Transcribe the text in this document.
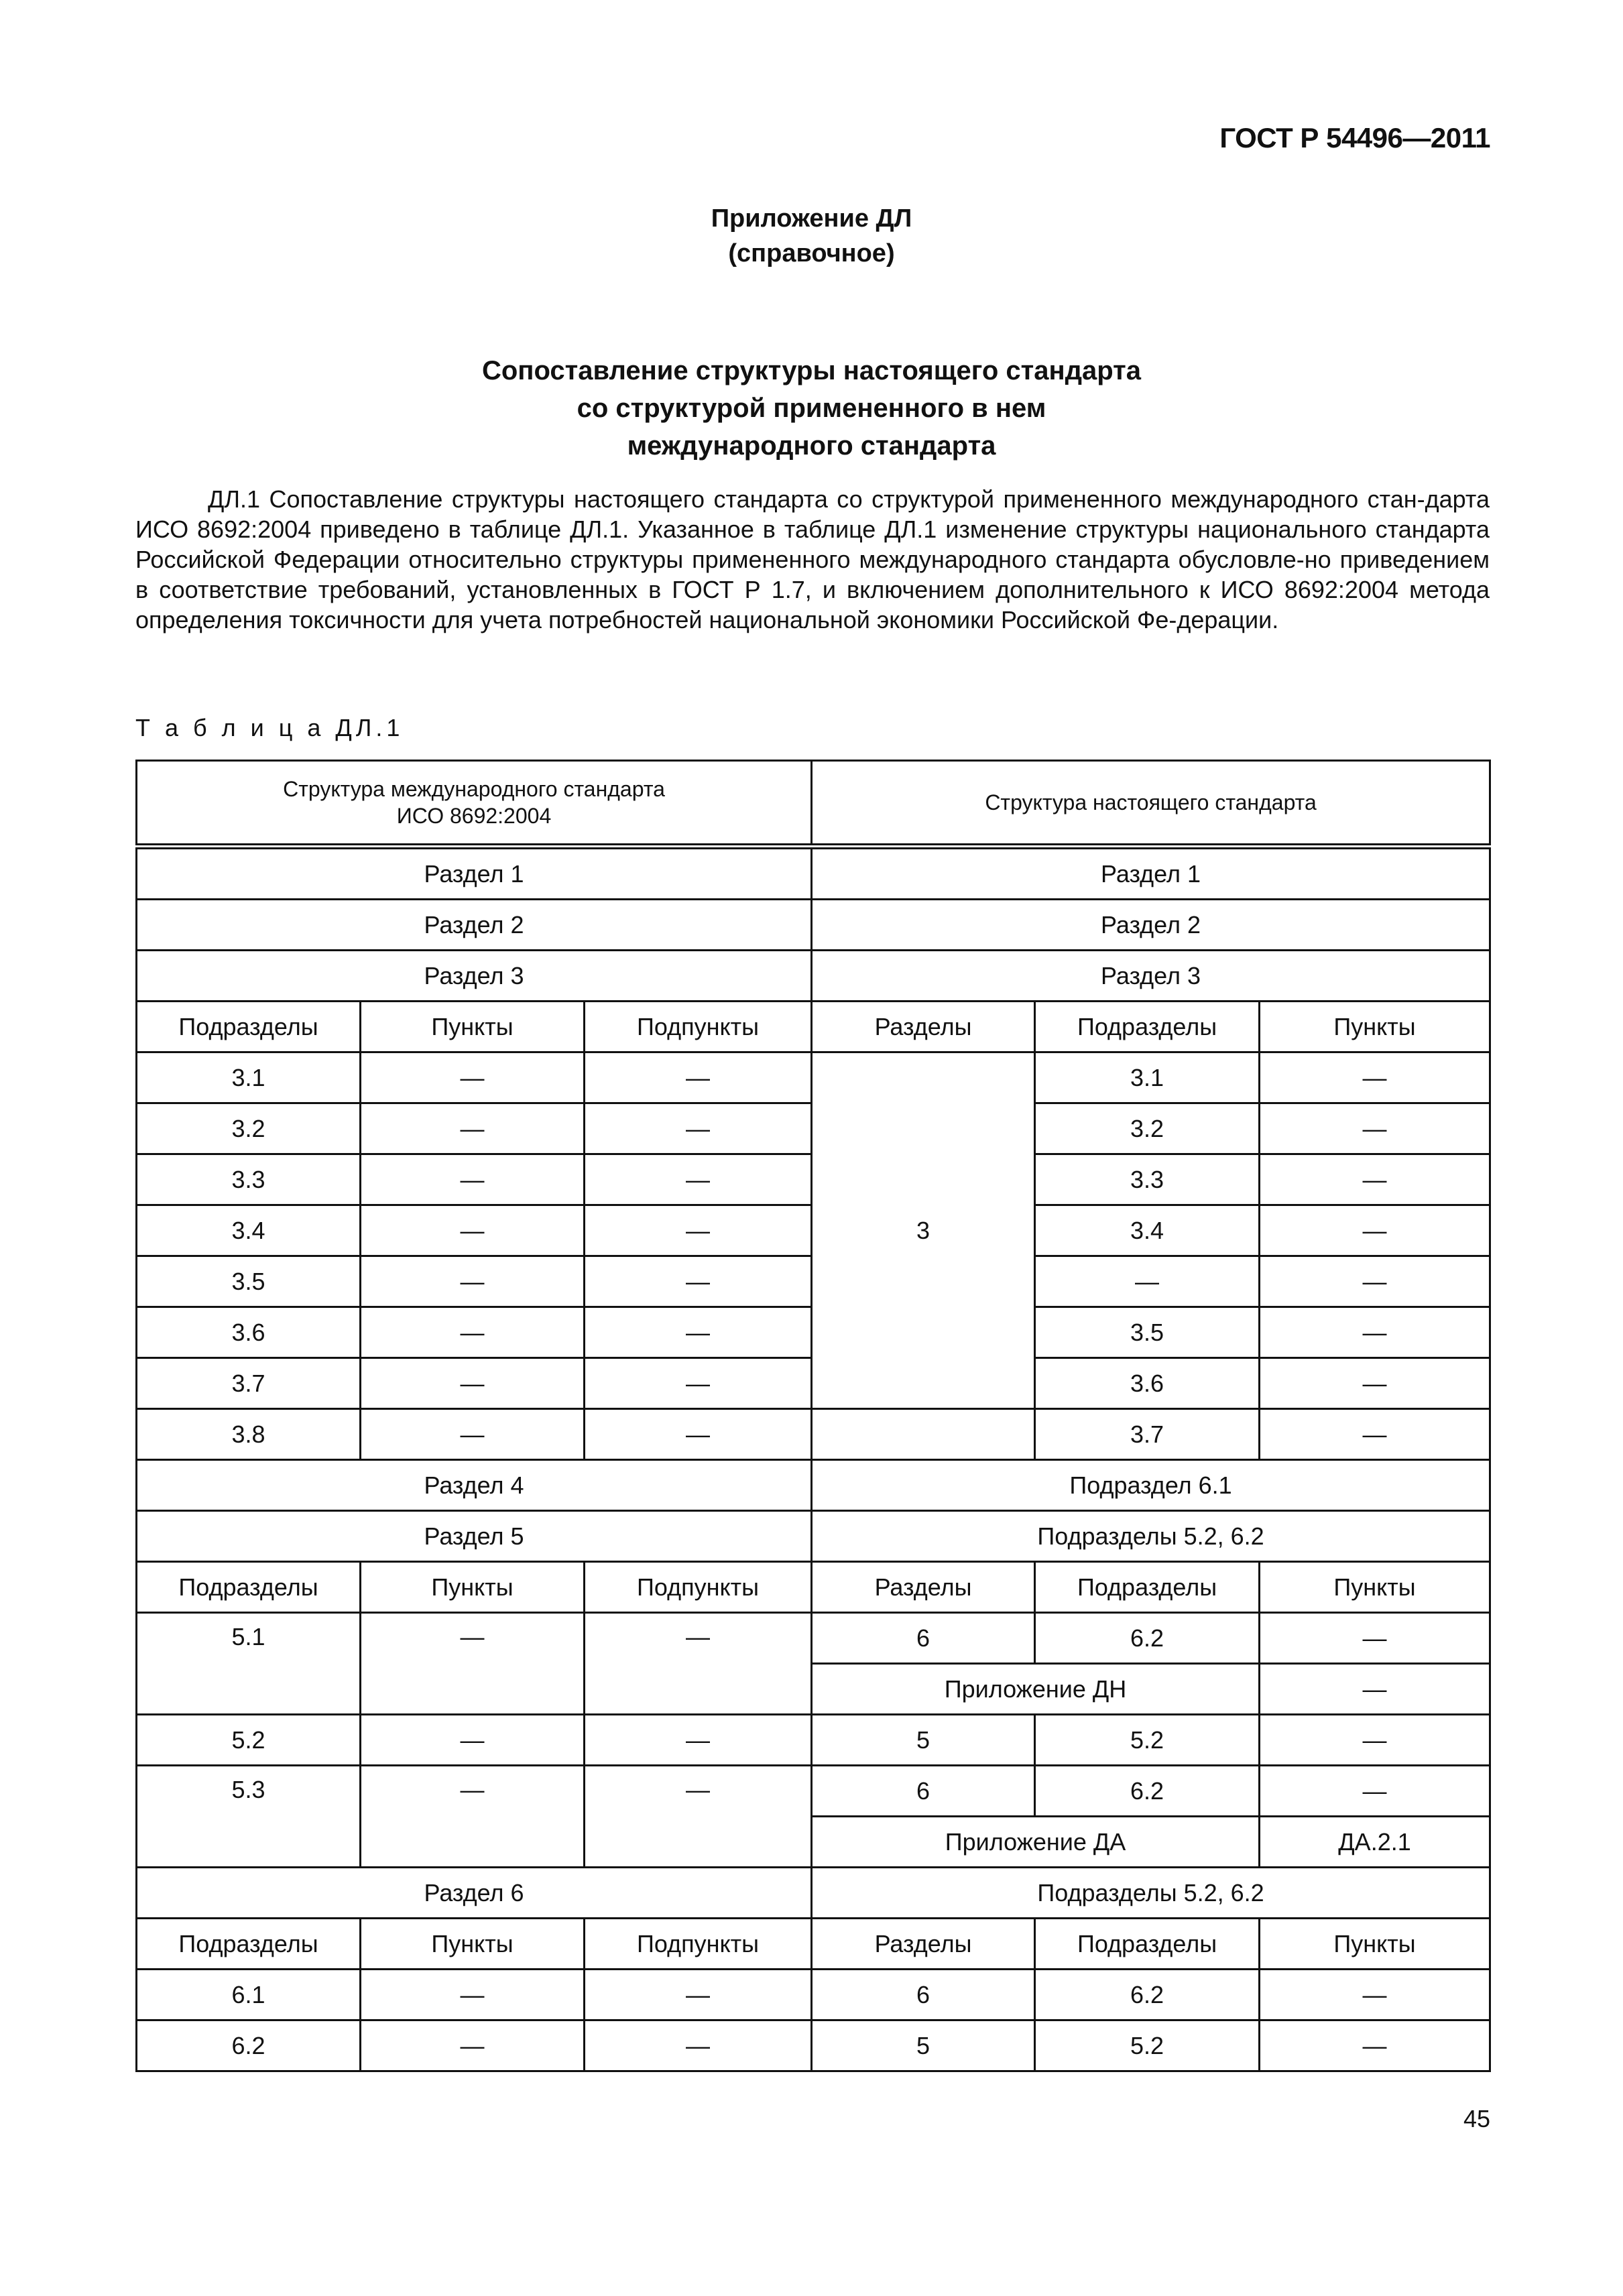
ГОСТ Р 54496—2011
Приложение ДЛ
(справочное)
Сопоставление структуры настоящего стандарта
со структурой примененного в нем
международного стандарта

ДЛ.1 Сопоставление структуры настоящего стандарта со структурой примененного международного стан-дарта ИСО 8692:2004 приведено в таблице ДЛ.1. Указанное в таблице ДЛ.1 изменение структуры национального стандарта Российской Федерации относительно структуры примененного международного стандарта обусловле-но приведением в соответствие требований, установленных в ГОСТ Р 1.7, и включением дополнительного к ИСО 8692:2004 метода определения токсичности для учета потребностей национальной экономики Российской Фе-дерации.

Т а б л и ц а ДЛ.1
Структура международного стандарта
ИСО 8692:2004			Структура настоящего стандарта		
Раздел 1			Раздел 1		
Раздел 2			Раздел 2		
Раздел 3			Раздел 3		
Подразделы	Пункты	Подпункты	Разделы	Подразделы	Пункты
3.1	—	—	3	3.1	—
3.2	—	—		3.2	—
3.3	—	—		3.3	—
3.4	—	—		3.4	—
3.5	—	—		—	—
3.6	—	—		3.5	—
3.7	—	—		3.6	—
3.8	—	—		3.7	—
Раздел 4			Подраздел 6.1		
Раздел 5			Подразделы 5.2, 6.2		
Подразделы	Пункты	Подпункты	Разделы	Подразделы	Пункты
5.1	—	—	6	6.2	—
			Приложение ДН		—
5.2	—	—	5	5.2	—
5.3	—	—	6	6.2	—
			Приложение ДА		ДА.2.1
Раздел 6			Подразделы 5.2, 6.2		
Подразделы	Пункты	Подпункты	Разделы	Подразделы	Пункты
6.1	—	—	6	6.2	—
6.2	—	—	5	5.2	—
45
